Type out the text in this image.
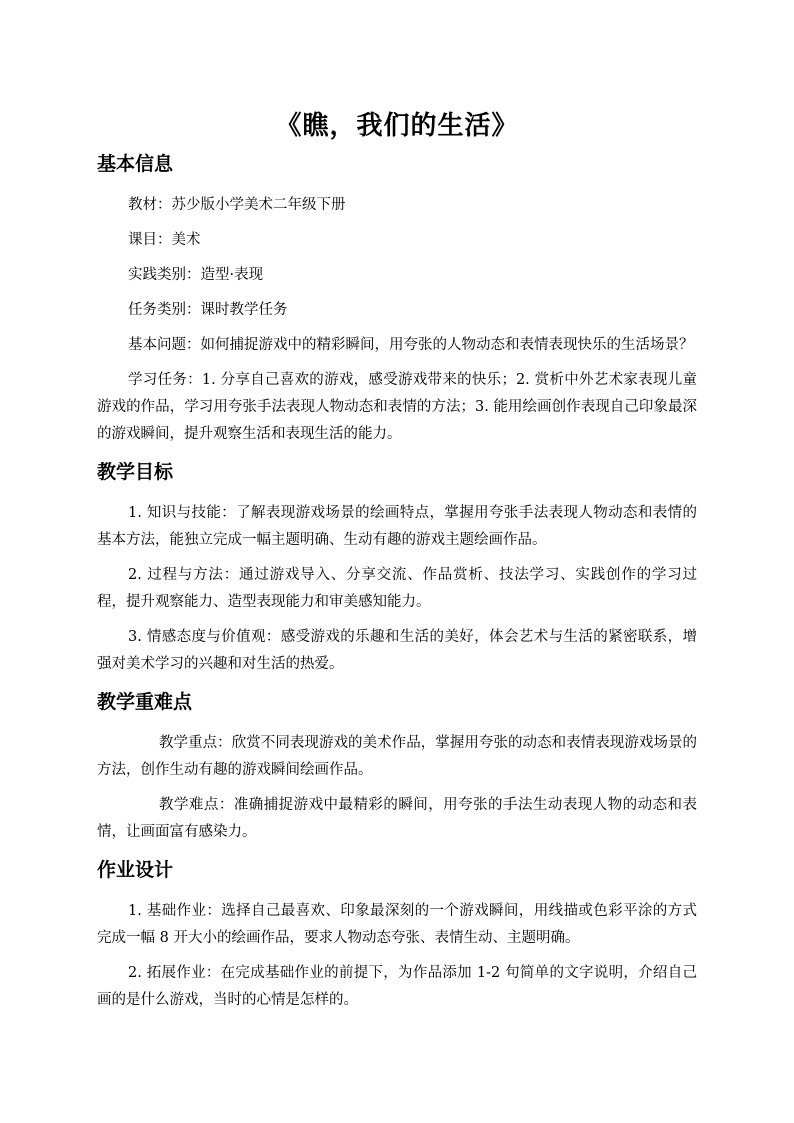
《瞧，我们的生活》
基本信息

教材：苏少版小学美术二年级下册

课目：美术

实践类别：造型·表现

任务类别：课时教学任务

基本问题：如何捕捉游戏中的精彩瞬间，用夸张的人物动态和表情表现快乐的生活场景？

学习任务：1. 分享自己喜欢的游戏，感受游戏带来的快乐；2. 赏析中外艺术家表现儿童游戏的作品，学习用夸张手法表现人物动态和表情的方法；3. 能用绘画创作表现自己印象最深的游戏瞬间，提升观察生活和表现生活的能力。

教学目标

1. 知识与技能：了解表现游戏场景的绘画特点，掌握用夸张手法表现人物动态和表情的基本方法，能独立完成一幅主题明确、生动有趣的游戏主题绘画作品。

2. 过程与方法：通过游戏导入、分享交流、作品赏析、技法学习、实践创作的学习过程，提升观察能力、造型表现能力和审美感知能力。

3. 情感态度与价值观：感受游戏的乐趣和生活的美好，体会艺术与生活的紧密联系，增强对美术学习的兴趣和对生活的热爱。

教学重难点

教学重点：欣赏不同表现游戏的美术作品，掌握用夸张的动态和表情表现游戏场景的方法，创作生动有趣的游戏瞬间绘画作品。

教学难点：准确捕捉游戏中最精彩的瞬间，用夸张的手法生动表现人物的动态和表情，让画面富有感染力。

作业设计

1. 基础作业：选择自己最喜欢、印象最深刻的一个游戏瞬间，用线描或色彩平涂的方式完成一幅 8 开大小的绘画作品，要求人物动态夸张、表情生动、主题明确。

2. 拓展作业：在完成基础作业的前提下，为作品添加 1-2 句简单的文字说明，介绍自己画的是什么游戏，当时的心情是怎样的。
